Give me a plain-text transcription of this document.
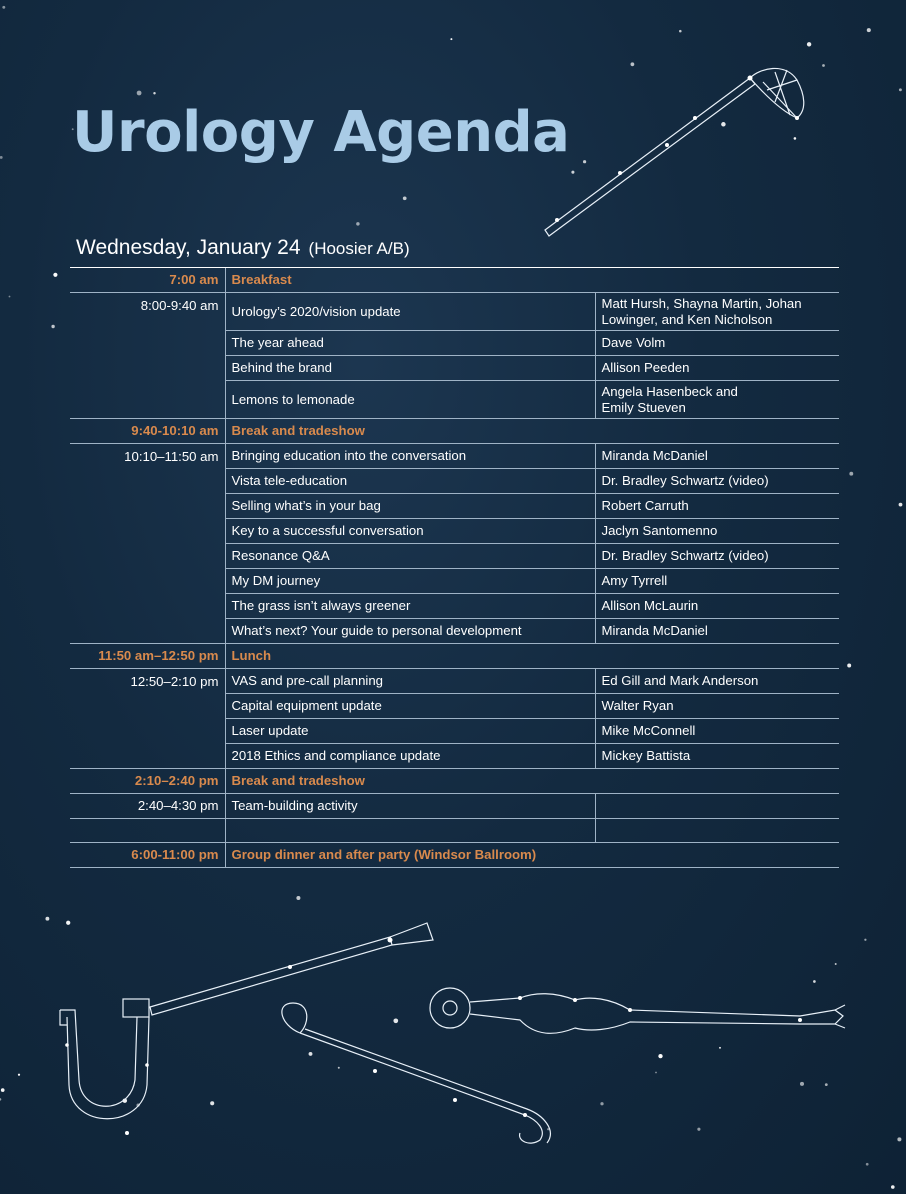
Urology Agenda
Wednesday, January 24 (Hoosier A/B)
7:00 am	Breakfast	
8:00-9:40 am	Urology’s 2020/vision update	Matt Hursh, Shayna Martin, Johan
Lowinger, and Ken Nicholson
	The year ahead	Dave Volm
	Behind the brand	Allison Peeden
	Lemons to lemonade	Angela Hasenbeck and
Emily Stueven
9:40-10:10 am	Break and tradeshow	
10:10–11:50 am	Bringing education into the conversation	Miranda McDaniel
	Vista tele-education	Dr. Bradley Schwartz (video)
	Selling what’s in your bag	Robert Carruth
	Key to a successful conversation	Jaclyn Santomenno
	Resonance Q&A	Dr. Bradley Schwartz (video)
	My DM journey	Amy Tyrrell
	The grass isn’t always greener	Allison McLaurin
	What’s next? Your guide to personal development	Miranda McDaniel
11:50 am–12:50 pm	Lunch	
12:50–2:10 pm	VAS and pre-call planning	Ed Gill and Mark Anderson
	Capital equipment update	Walter Ryan
	Laser update	Mike McConnell
	2018 Ethics and compliance update	Mickey Battista
2:10–2:40 pm	Break and tradeshow	
2:40–4:30 pm	Team-building activity	

6:00-11:00 pm	Group dinner and after party (Windsor Ballroom)	
